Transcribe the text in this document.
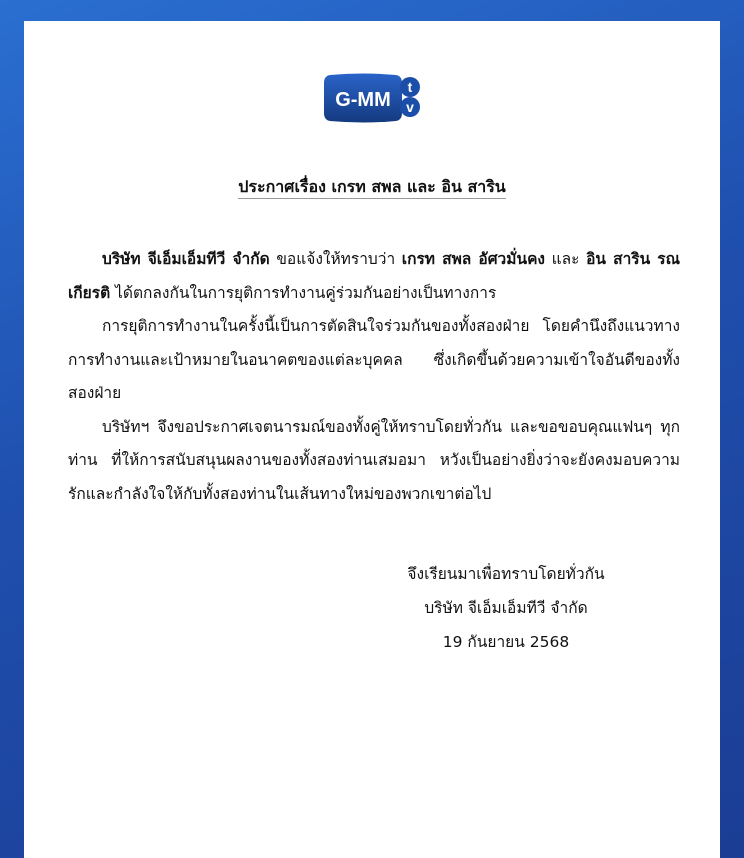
G-MM
t
v
ประกาศเรื่อง เกรท สพล และ อิน สาริน

บริษัท จีเอ็มเอ็มทีวี จำกัด ขอแจ้งให้ทราบว่า เกรท สพล อัศวมั่นคง และ อิน สาริน รณเกียรติ ได้ตกลงกันในการยุติการทำงานคู่ร่วมกันอย่างเป็นทางการ

การยุติการทำงานในครั้งนี้เป็นการตัดสินใจร่วมกันของทั้งสองฝ่าย โดยคำนึงถึงแนวทางการทำงานและเป้าหมายในอนาคตของแต่ละบุคคล ซึ่งเกิดขึ้นด้วยความเข้าใจอันดีของทั้งสองฝ่าย

บริษัทฯ จึงขอประกาศเจตนารมณ์ของทั้งคู่ให้ทราบโดยทั่วกัน และขอขอบคุณแฟนๆ ทุกท่าน ที่ให้การสนับสนุนผลงานของทั้งสองท่านเสมอมา หวังเป็นอย่างยิ่งว่าจะยังคงมอบความรักและกำลังใจให้กับทั้งสองท่านในเส้นทางใหม่ของพวกเขาต่อไป

จึงเรียนมาเพื่อทราบโดยทั่วกัน
บริษัท จีเอ็มเอ็มทีวี จำกัด
19 กันยายน 2568
